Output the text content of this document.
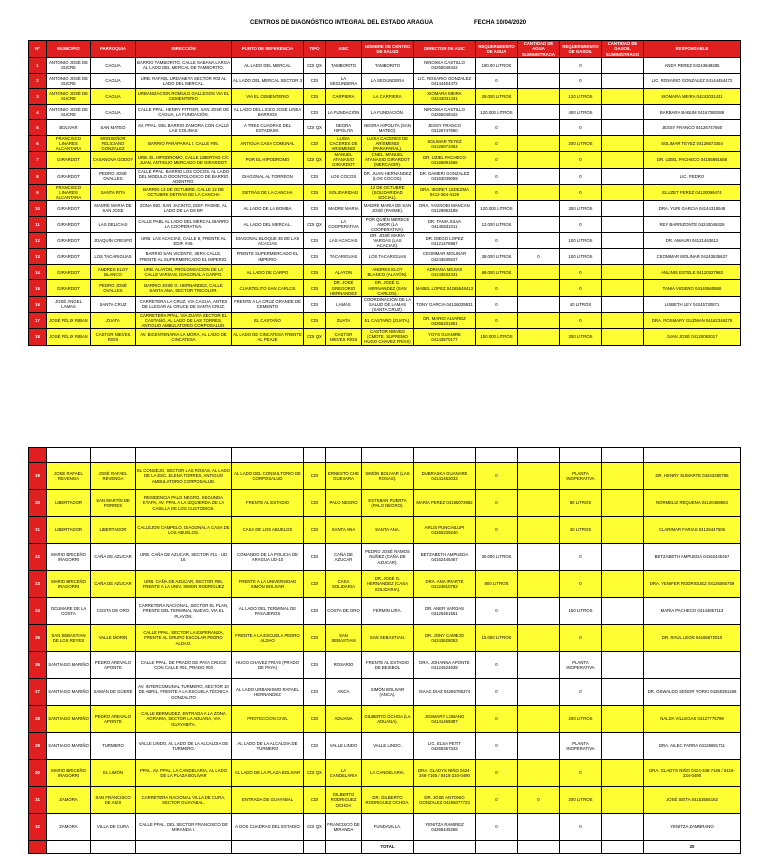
CENTROS DE DIAGNÓSTICO INTEGRAL DEL ESTADO ARAGUA	FECHA 10/04/2020
Nº	MUNICIPIO	PARROQUIA	DIRECCIÓN	PUNTO DE REFERENCIA	TIPO	ASIC	NOMBRE DE CENTRO DE SALUD	DIRECTOR DE ASIC	REQUERIMIENTO DE AGUA	CANTIDAD DE AGUA SUMINISTRADA	REQUERIMIENTO DE GASOIL	CANTIDAD DE GASOIL SUMINISTRADO	RESPONSABLE
1	ANTONIO JOSÉ DE SUCRE	CAGUA	BARRIO TAMBORITO, CALLE SABANA LARGA AL LADO DEL MERCAL DE TAMBORITO.	AL LADO DEL MERCAL	CDI QX	TAMBORITO	TAMBORITO	NINOSKA CASTILLO 04265048442	180.00 LITROS		0		ANDY PEREZ 04243649285
2	ANTONIO JOSÉ DE SUCRE	CAGUA	URB. RAFAEL URDANETA SECTOR #03 AL LADO DEL MERCAL.	AL LADO DEL MERCAL SECTOR 3	CDI	LA SEGUNDERA	LA SEGUNDERA	LIC. ROSARIO GONZALEZ 04144454472	0		0		LIC. ROSARIO GONZALEZ 04144454472
3	ANTONIO JOSÉ DE SUCRE	CAGUA	URBANIZACION ROMULO GALLEGOS VIA EL CEMENTERIO	VIA EL CEMENTERIO	CDI	CARPIERA	LA CARPIERA	XIOMARA MEIRA 04243031431	28.000 LITROS		120 LITROS		XIOMARA MEIRA 04243031431
4	ANTONIO JOSÉ DE SUCRE	CAGUA	CALLE PPAL. HENRY PITTIER, SAN JOSÉ DE CAGUA, LA FUNDACIÓN.	AL LADO DEL LICEO JOSÉ LINEA BARRIOS	CDI	LA FUNDACIÓN	LA FUNDACIÓN.	NINOSKA CASTILLO 04265048442	120.000 LITROS		400 LITROS		BARBARA BABUM 04167080089
5	BOLIVAR	SAN MATEO	AV. PPAL. DEL BARRIO ZAMORA CON CALLE LAS COLINAS	A TRES CUADRAS DEL ESTADIUM.	CDI QX	NEGRA HIPOLITA	NEGRA HIPOLITA (SAN MATEO).	JESSY FRANCO 04126747660	0		0		JESSY FRANCO 04126747660
6	FRANCISCO LINARES ALCANTARA	MONSEÑOR FELICIANO GONZALEZ	BARRIO PARAPARAL I, CALLE #05.	ANTIGUA CASA COMUNAL	CDI	LUISA CACERES DE ARISMENDI	LUISA CACERES DE ARISMENDI (PARAPARAL).	SOLIMAR TEYEZ 04126673454	0		200 LITROS		SOLIMAR TEYEZ 04126673454
7	GIRARDOT	CASANOVA GODOY	URB. EL HIPODROMO, CALLE LIBERTAD C/C JUAN, ANTIGUO MERCADO DE GIRARDOT.	POR EL HIPODROMO	CDI QX	MANUEL ATANASIO GIRARDOT	CNEL. MANUEL ATANASIO GIRARDOT (MERCAGIR).	DR. UZIEL PACHECO 04165891656	0		0		DR. UZIEL PACHECO 04165891656
8	GIRARDOT	PEDRO JOSÉ OVALLES	CALLE PPAL. BARRIO LOS COCOS, AL LADO DEL MODULO ODONTOLOGICO DE BARRIO ADENTRO.	DIAGONAL AL TORREON	CDI	LOS COCOS	DR. JUAN HERNANDEZ (LOS COCOS).	DR. DAMERI GONZALEZ 04163039059	0		0		LIC. PEDRO
9	FRANCISCO LINARES ALCANTARA	SANTA RITA	BARRIO 13 DE OCTUBRE, CALLE 12 DE OCTUBRE DETRÁS DE LA CANCHA	DETRÁS DE LA CANCHA	CDI	SOLIDARIDAD	12 DE OCTUBRE (SOLIDARIDAD SOCIAL).	DRA. IBORET LEDEZMA 0412-364-4129	0		0		ELUZET PEREZ 04120099474
10	GIRARDOT	MADRE MARIA DE SAN JOSE	ZONA IND. SAN JACINTO, EDIF. PASME, AL LADO DE LA DS BP.	AL LADO DE LA BOMBA	CDI	MADRE MARIA	MADRE MARIA DE SAN JOSÉ (PASME).	DRA. YAGNOBI MANCAN 04128993189	120.000 LITROS		300 LITROS		DRA. YURI GARCIA 04144318548
11	GIRARDOT	LAS DELICIAS	CALLE PABL AL LADO DEL MERCAL IBARRO LA COOPERATIVA.	AL LADO DEL MERCAL.	CDI QX	LA COOPERATIVA	POR QUIÉN MERECE AMOR (LA COOPERATIVA).	DR. TANIA SILVA 04146531011	12.000 LITROS		0		REY BARRIZONTE 04243049326
12	GIRARDOT	JOAQUÍN CRESPO	URB. LAS ACACIAS, CALLE 8, FRENTE AL EDIF. #45.	DIAGONAL BLOQUE 45 DE LAS ACACIAS	CDI	LAS ACACIAS	DR. JOSÉ MARIA VARGAS (LAS ACACIAS).	DR. DIEGO LOPEZ 04121478867	0		100 LITROS		DR. AMAURI 04121463612
13	GIRARDOT	LOS TACARIGUAS	BARRIO SAN VICENTE, 3ERA CALLE, FRENTE AL SUPERMERCADO EL IMPERIO.	FRENTE SUPERMERCADO EL IMPERIO	CDI	TACARIGUAS	LOS TACARIGUAS	CEOMMAR MOLINAR 04243635637	38.000 LITROS	0	100 LITROS		CEOMMAR MOLINAR 04243635637
14	GIRARDOT	ANDRES ELOY BLANCO	URB. ALAYON, PROLONGACION DE LA CALLE VARGAS, DIAGONAL A CARPO.	AL LADO DE CARPO	CDI	ALAYON	ANDRES ELOY BLANCO (ALAYÓN).	ADRIANA MEJIAS 04143632431	68.000 LITROS		0		ANLINIS ESTELE 04120327983
15	GIRARDOT	PEDRO JOSÉ OVALLES	BARRIO JOSÉ G. HERNANDEZ, CALLE SANTA ANA, SECTOR TRICOLOR.	CUARTELITO SAN CARLOS	CDI	DR. JOSÉ GREGORIO HERNANDEZ	DR. JOSÉ G. HERNANDEZ (SAN CARLOS).	MABEL LOPEZ 04265548413	0		0		TANIA VIGIERO 04140560886
16	JOSÉ ÁNGEL LAMAS	SANTA CRUZ	CARRETERA LA CRUZ, VIA CAGUA, ANTES DE LLEGAR AL CRUCE DE SANTA CRUZ.	FRENTE A LA CRUZ GRANDE DE CEMENTO	CDI	LAMAS	COORDINACIÓN DE LA SALUD DE LAMAS (SANTA CRUZ).	TONY GARCIA 04126039831	0		40 LITROS		LISBETH LEY 04245730871
17	JOSÉ FÉLIX RIBAS	ZUATA	CARRETERA PPAL. VIA ZUATA SECTOR EL CASTAÑO, AL LADO DE LAS TORRES, ANTIGUO AMBULATORIO CORPOSALUD.	EL CASTAÑO	CDI	ZUATA	EL CASTAÑO (ZUATA).	DR. MARIO ALVAREZ 04265331861	0		0		DRA. ROSMARY GUZMAN 04162346279
18	JOSÉ FÉLIX RIBAS	CASTOR NIEVES RIOS	AV. BICENTENARIA LA MORA, AL LADO DE CINCATESA	AL LADO DE CINCATESA FRENTE AL PEAJE	CDI QX	CASTOR NIEVES RÍOS	CASTOR NIEVES (CMDTE. SUPREMO HUGO CHAVEZ FRÍAS)	YOYS GUANIRE 04143570177	150.000 LITROS		300 LITROS		JUAN JOSÉ 04120093017

19	JOSÉ RAFAEL REVENGA	JOSÉ RAFAEL REVENGA	EL CONSEJO, SECTOR LAS ROSAS, AL LADO DE LA ESC. ELENA TORRES, ANTIGUO AMBULATORIO CORPOSALUD.	AL LADO DEL CONSULTORIO DE CORPOSALUD	CDI	ERNESTO CHE GUEVARA	SIMÓN BOLIVAR (LAS ROSAS).	DUBRASKA GUANARE 04141463033	0		PLANTA INOPERATIVA		DR. HENRY SUMARTE 04243280795
20	LIBERTADOR	SAN MARTÍN DE PORRES	RESIDENCIA PALO NEGRO, SEGUNDA ETAPA, AV. PPAL A LA IZQUIERDA DE LA CASILLA DE LOS CUSTODIOS.	FRENTE AL ESTADIO	CDI	PALO NEGRO	ESTEBAN PUERTA (PALO NEGRO).	MARIA PEREZ 04165072952	0		80 LITROS		NORMELIZ REQUENA 04120489553
21	LIBERTADOR	LIBERTADOR	CALLEJON CAMPELO, DIAGONAL A CASA DE LOS ABUELOS.	CASA DE LOS ABUELOS	CDI	SANTA ANA	SANTA ANA.	ARLIS PUNCHILUPI 04265339240	0		40 LITROS		CLARIMAR FARIAS 04126447506
22	MARIO BRICEÑO IRAGORRI	CAÑA DE AZUCAR	URB. CAÑA DE AZUCAR, SECTOR #11 - UD 10.	COMANDO DE LA POLICIA DE ARAGUA UD-10	CDI	CAÑA DE AZUCAR	PEDRO JOSÉ RAMOS NÚÑEZ (CAÑA DE AZUCAR).	BETZABETH AMPUEDA 04162445467	30.000 LITROS		0		BETZABETH AMPUEDA 04162445467
23	MARIO BRICEÑO IRAGORRI	CAÑA DE AZUCAR	URB. CAÑA DE AZUCAR, SECTOR #06, FRENTE A LA UNIV. SIMON RODRIGUEZ	FRENTE A LA UNIVERSIDAD SIMÓN BOLIVAR	CDI	CASA SOLIDARIA	DR. JOSÉ G. HERNANDEZ (CASA SOLIDARIA).	DRA. ANA IRIARTE 04124810783	800 LITROS		0		DRA. YENIFER RODRIGUEZ 04126065759
24	OCUMARE DE LA COSTA	COSTA DE ORO	CARRETERA NACIONAL, SECTOR EL PLAN, FRENTE DEL TERMINAL NUEVO, VIA EL PLAYÓN.	AL LADO DEL TERMINAL DE PASAJEROS	CDI	COSTA DE ORO	FERMIN LIRA.	DR. ANER VARGAS 04126451551	0		150 LITROS		MARIA PACHECO 04144857113
25	SAN SEBASTIAN DE LOS REYES	VALLE MORIN	CALLE PPAL. SECTOR LA ESPERANZA, FRENTE AL GRUPO ESCOLAR PEDRO ALDAO.	FRENTE A LA ESCUELA PEDRO ALDAO	CDI	SAN SEBASTIAN	SAN SEBASTIAN.	DR. JONY CAMEJO 04243628053	15.000 LITROS		0		DR. RAUL LEON 04166672010
26	SANTIAGO MARIÑO	PEDRO AREVALO APONTE	CALLE PPAL. DE PRADO DE PAYA CRUCE CON CALLE #01, PRADO #03	HUGO CHAVEZ FRÍAS (PRADO DE PAYA)	CDI	ROSARIO	FRENTE AL ESTADIO DE BEISBOL	DRA. JOHANNA APONTE 04124524639	0		PLANTA INOPERATIVA		
27	SANTIAGO MARIÑO	SAMÁN DE GÜERE	AV. INTERCOMUNAL TURMERO, SECTOR 10 DE ABRIL, FRENTE A LA ESCUELA TÉCNICA GONZALITO	AL LADO URBANISMO RAFAEL HERNANDEZ	CDI	ANCA	SIMÓN BOLIVAR (ANCA).	ISAAC DIAZ 04265785374	0		0		DR. OSWALDO SEÑOR YORKI 04265391268
28	SANTIAGO MARIÑO	PEDRO AREVALO APONTE	CALLE BERMUDEZ, ENTRADA A LA ZONA AGRARIA, SECTOR LA ADUANA, VIA GUAYABITA.	PROTECCION CIVIL	CDI	ADUANA	GILBERTO OCHOA (LA ADUANA).	JOSMARY LOBANO 04141469387	0		200 LITROS		NALDA VILLEGAS 04127776799
29	SANTIAGO MARIÑO	TURMERO	VALLE LINDO, AL LADO DE LA ALCALDIA DE TURMERO.	AL LADO DE LA ALCALDIA DE TURMERO	CDI	VALLE LINDO	VALLE LINDO.	LIC. ELSA PETIT 04265367343	0		PLANTA INOPERATIVA		DRA. AILEC FARRA 04126891711
30	MARIO BRICEÑO IRAGORRI	EL LIMÓN	PPAL. AV. PPAL. LA CANDELARIA, AL LADO DE LA PLAZA BOLIVAR	AL LADO DE LA PLAZA BOLIVAR	CDI QX	LA CANDELARIA	LA CANDELARIA.	DRA. GLADYS NIÑO 0424-346-7165 / 0416-234-0490	0		0		DRA. GLADYS NIÑO 0424-346-7165 / 0416-234-0490
31	ZAMORA	SAN FRANCISCO DE ASÍS	CARRETERA NACIONAL VILLA DE CURA, SECTOR GUAYABAL.	ENTRADA DE GUAYABAL	CDI	GILBERTO RODRIGUEZ OCHOA	DR. GILBERTO RODRIGUEZ OCHOA.	DR. JOSE ANTONIO GONZALEZ 04265077723	0	0	200 LITROS		JOSÉ SEITA 04163565162
32	ZAMORA	VILLA DE CURA	CALLE PPAL. DEL SECTOR FRANCISCO DE MIRANDA I.	A DOS CUADRAS DEL ESTADIO	CDI QX	FRANCISCO DE MIRANDA	FUNDAVILLA.	YENITZA RAMIREZ 04265445268	0		0		YENITZA ZAMBRANO
							TOTAL						20
